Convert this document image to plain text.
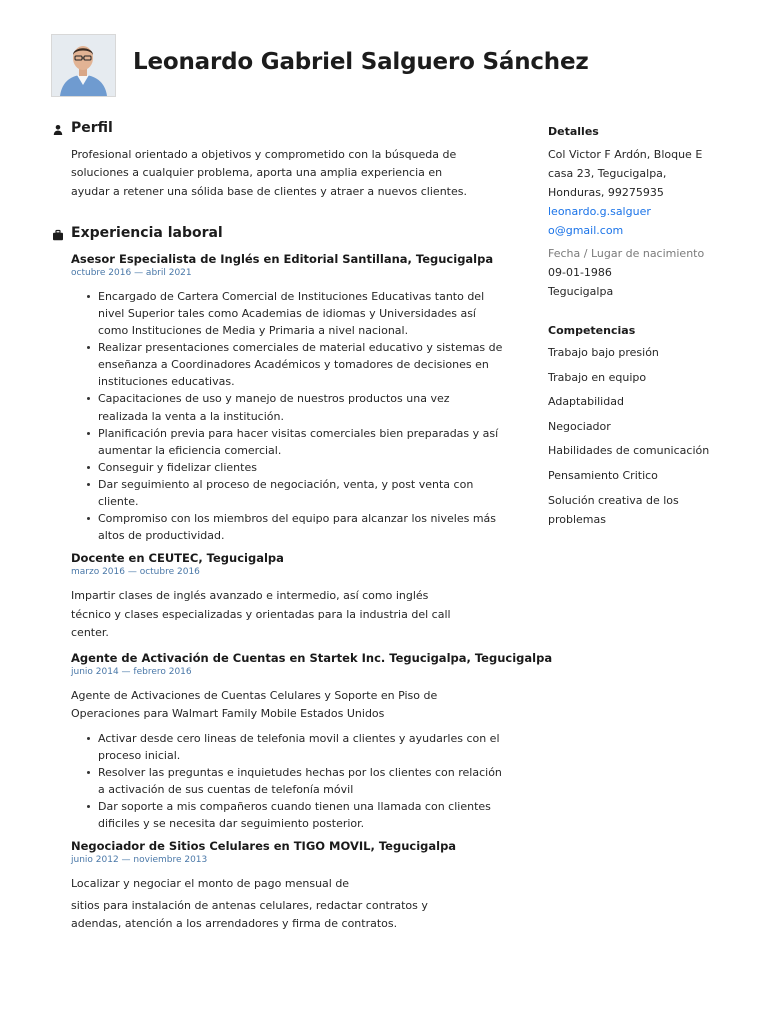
Leonardo Gabriel Salguero Sánchez
Perfil

Profesional orientado a objetivos y comprometido con la búsqueda de soluciones a cualquier problema, aporta una amplia experiencia en ayudar a retener una sólida base de clientes y atraer a nuevos clientes.

Experiencia laboral
Asesor Especialista de Inglés en Editorial Santillana, Tegucigalpa
octubre 2016 — abril 2021
Encargado de Cartera Comercial de Instituciones Educativas tanto del nivel Superior tales como Academias de idiomas y Universidades así como Instituciones de Media y Primaria a nivel nacional.
Realizar presentaciones comerciales de material educativo y sistemas de enseñanza a Coordinadores Académicos y tomadores de decisiones en instituciones educativas.
Capacitaciones de uso y manejo de nuestros productos una vez realizada la venta a la institución.
Planificación previa para hacer visitas comerciales bien preparadas y así aumentar la eficiencia comercial.
Conseguir y fidelizar clientes
Dar seguimiento al proceso de negociación, venta, y post venta con cliente.
Compromiso con los miembros del equipo para alcanzar los niveles más altos de productividad.
Docente en CEUTEC, Tegucigalpa
marzo 2016 — octubre 2016

Impartir clases de inglés avanzado e intermedio, así como inglés técnico y clases especializadas y orientadas para la industria del call center.

Agente de Activación de Cuentas en Startek Inc. Tegucigalpa, Tegucigalpa
junio 2014 — febrero 2016

Agente de Activaciones de Cuentas Celulares y Soporte en Piso de Operaciones para Walmart Family Mobile Estados Unidos

Activar desde cero lineas de telefonia movil a clientes y ayudarles con el proceso inicial.
Resolver las preguntas e inquietudes hechas por los clientes con relación a activación de sus cuentas de telefonía móvil
Dar soporte a mis compañeros cuando tienen una llamada con clientes dificiles y se necesita dar seguimiento posterior.
Negociador de Sitios Celulares en TIGO MOVIL, Tegucigalpa
junio 2012 — noviembre 2013

Localizar y negociar el monto de pago mensual de

sitios para instalación de antenas celulares, redactar contratos y adendas, atención a los arrendadores y firma de contratos.

Detalles
Col Victor F Ardón, Bloque E
casa 23, Tegucigalpa,
Honduras, 99275935
leonardo.g.salguero@gmail.com
Fecha / Lugar de nacimiento
09-01-1986
Tegucigalpa
Competencias
Trabajo bajo presión
Trabajo en equipo
Adaptabilidad
Negociador
Habilidades de comunicación
Pensamiento Critico
Solución creativa de los problemas
